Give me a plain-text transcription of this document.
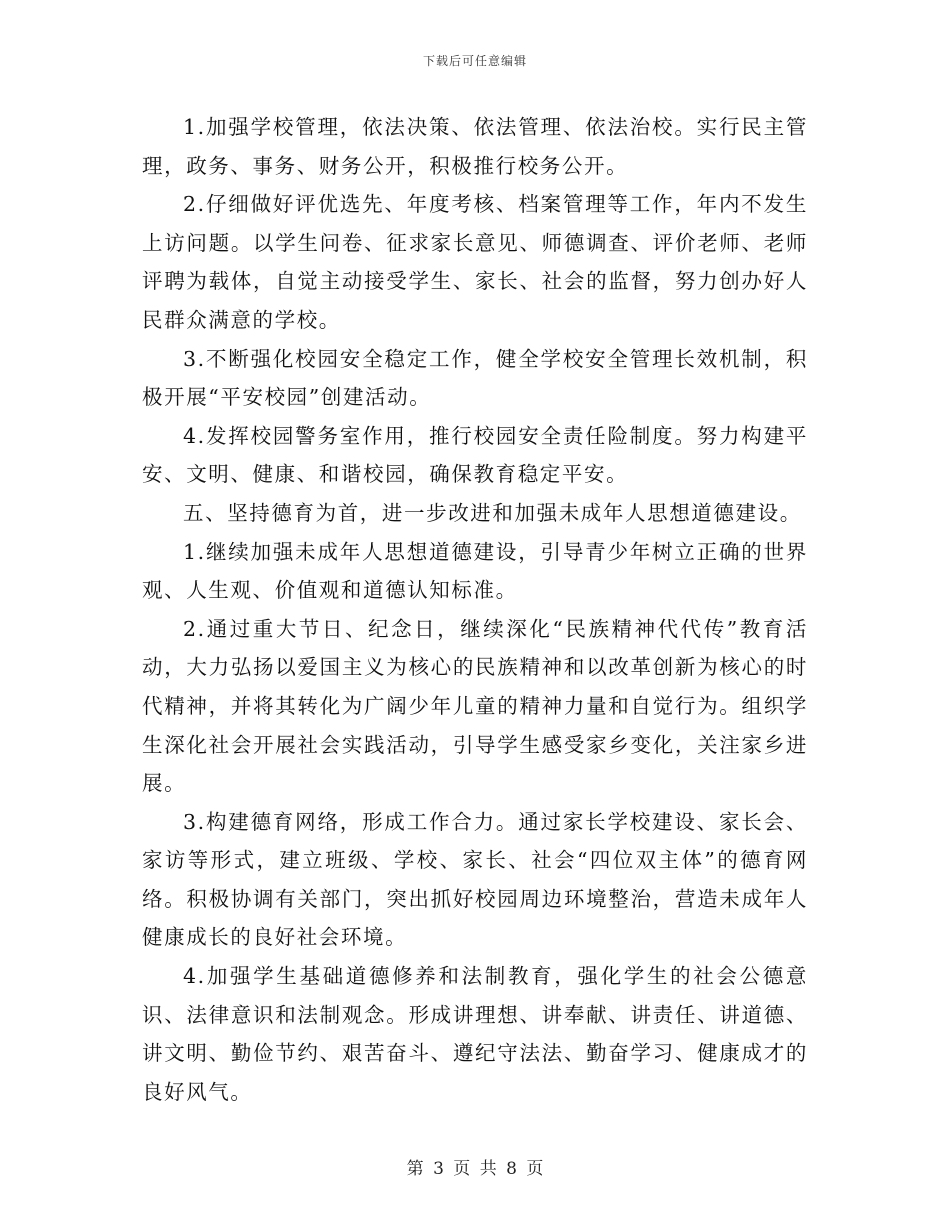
下载后可任意编辑

1.加强学校管理，依法决策、依法管理、依法治校。实行民主管理，政务、事务、财务公开，积极推行校务公开。

2.仔细做好评优选先、年度考核、档案管理等工作，年内不发生上访问题。以学生问卷、征求家长意见、师德调查、评价老师、老师评聘为载体，自觉主动接受学生、家长、社会的监督，努力创办好人民群众满意的学校。

3.不断强化校园安全稳定工作，健全学校安全管理长效机制，积极开展“平安校园”创建活动。

4.发挥校园警务室作用，推行校园安全责任险制度。努力构建平安、文明、健康、和谐校园，确保教育稳定平安。

五、坚持德育为首，进一步改进和加强未成年人思想道德建设。

1.继续加强未成年人思想道德建设，引导青少年树立正确的世界观、人生观、价值观和道德认知标准。

2.通过重大节日、纪念日，继续深化“民族精神代代传”教育活动，大力弘扬以爱国主义为核心的民族精神和以改革创新为核心的时代精神，并将其转化为广阔少年儿童的精神力量和自觉行为。组织学生深化社会开展社会实践活动，引导学生感受家乡变化，关注家乡进展。

3.构建德育网络，形成工作合力。通过家长学校建设、家长会、家访等形式，建立班级、学校、家长、社会“四位双主体”的德育网络。积极协调有关部门，突出抓好校园周边环境整治，营造未成年人健康成长的良好社会环境。

4.加强学生基础道德修养和法制教育，强化学生的社会公德意识、法律意识和法制观念。形成讲理想、讲奉献、讲责任、讲道德、讲文明、勤俭节约、艰苦奋斗、遵纪守法法、勤奋学习、健康成才的良好风气。

第 3 页 共 8 页
